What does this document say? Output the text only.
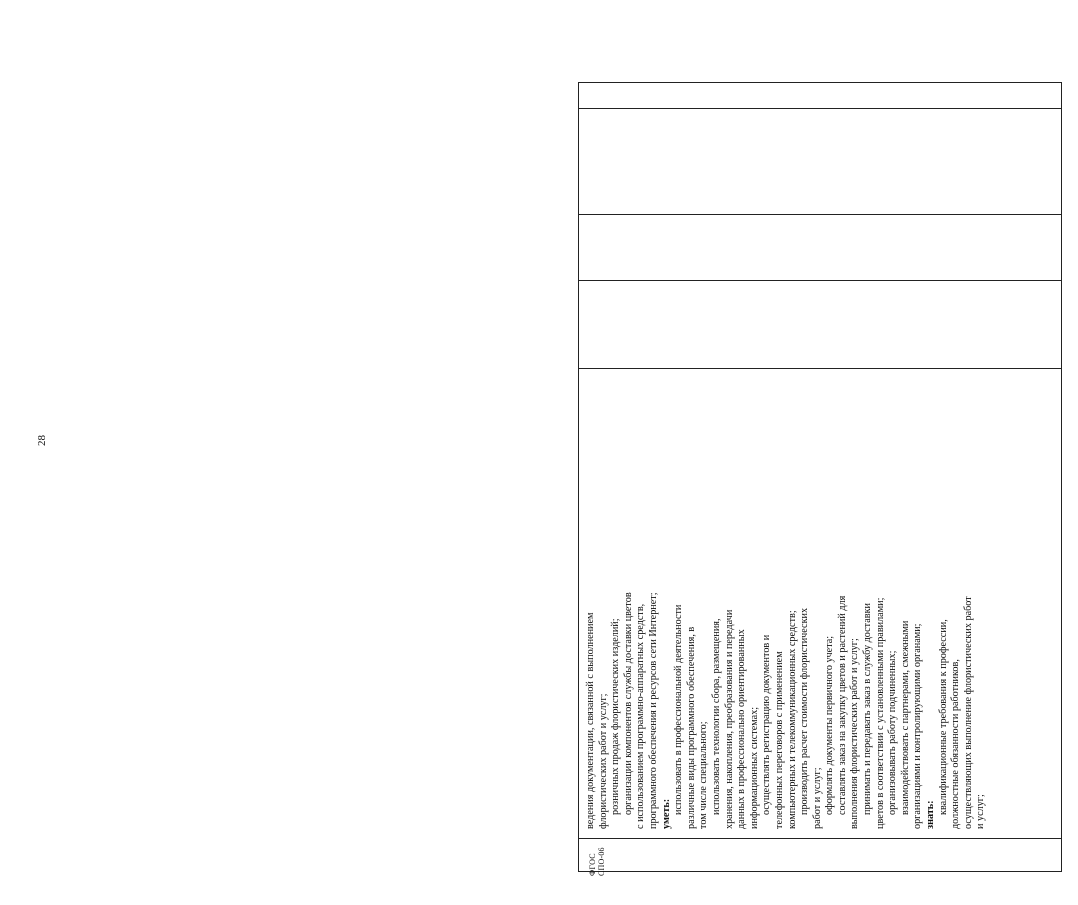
ведения документации, связанной с выполнением флористических работ и услуг; розничных продаж флористических изделий; организации компонентов службы доставки цветов с использованием программно-аппаратных средств, программного обеспечения и ресурсов сети Интернет; уметь: использовать в профессиональной деятельности различные виды программного обеспечения, в том числе специального; использовать технологии сбора, размещения, хранения, накопления, преобразования и передачи данных в профессионально ориентированных информационных системах; осуществлять регистрацию документов и телефонных переговоров с применением компьютерных и телекоммуникационных средств; производить расчет стоимости флористических работ и услуг; оформлять документы первичного учета; составлять заказ на закупку цветов и растений для выполнения флористических работ и услуг; принимать и передавать заказ в службу доставки цветов в соответствии с установленными правилами; организовывать работу подчиненных; взаимодействовать с партнерами, смежными организациями и контролирующими органами; знать: квалификационные требования к профессии, должностные обязанности работников, осуществляющих выполнение флористических работ и услуг;

28
ФГОС СПО-06
